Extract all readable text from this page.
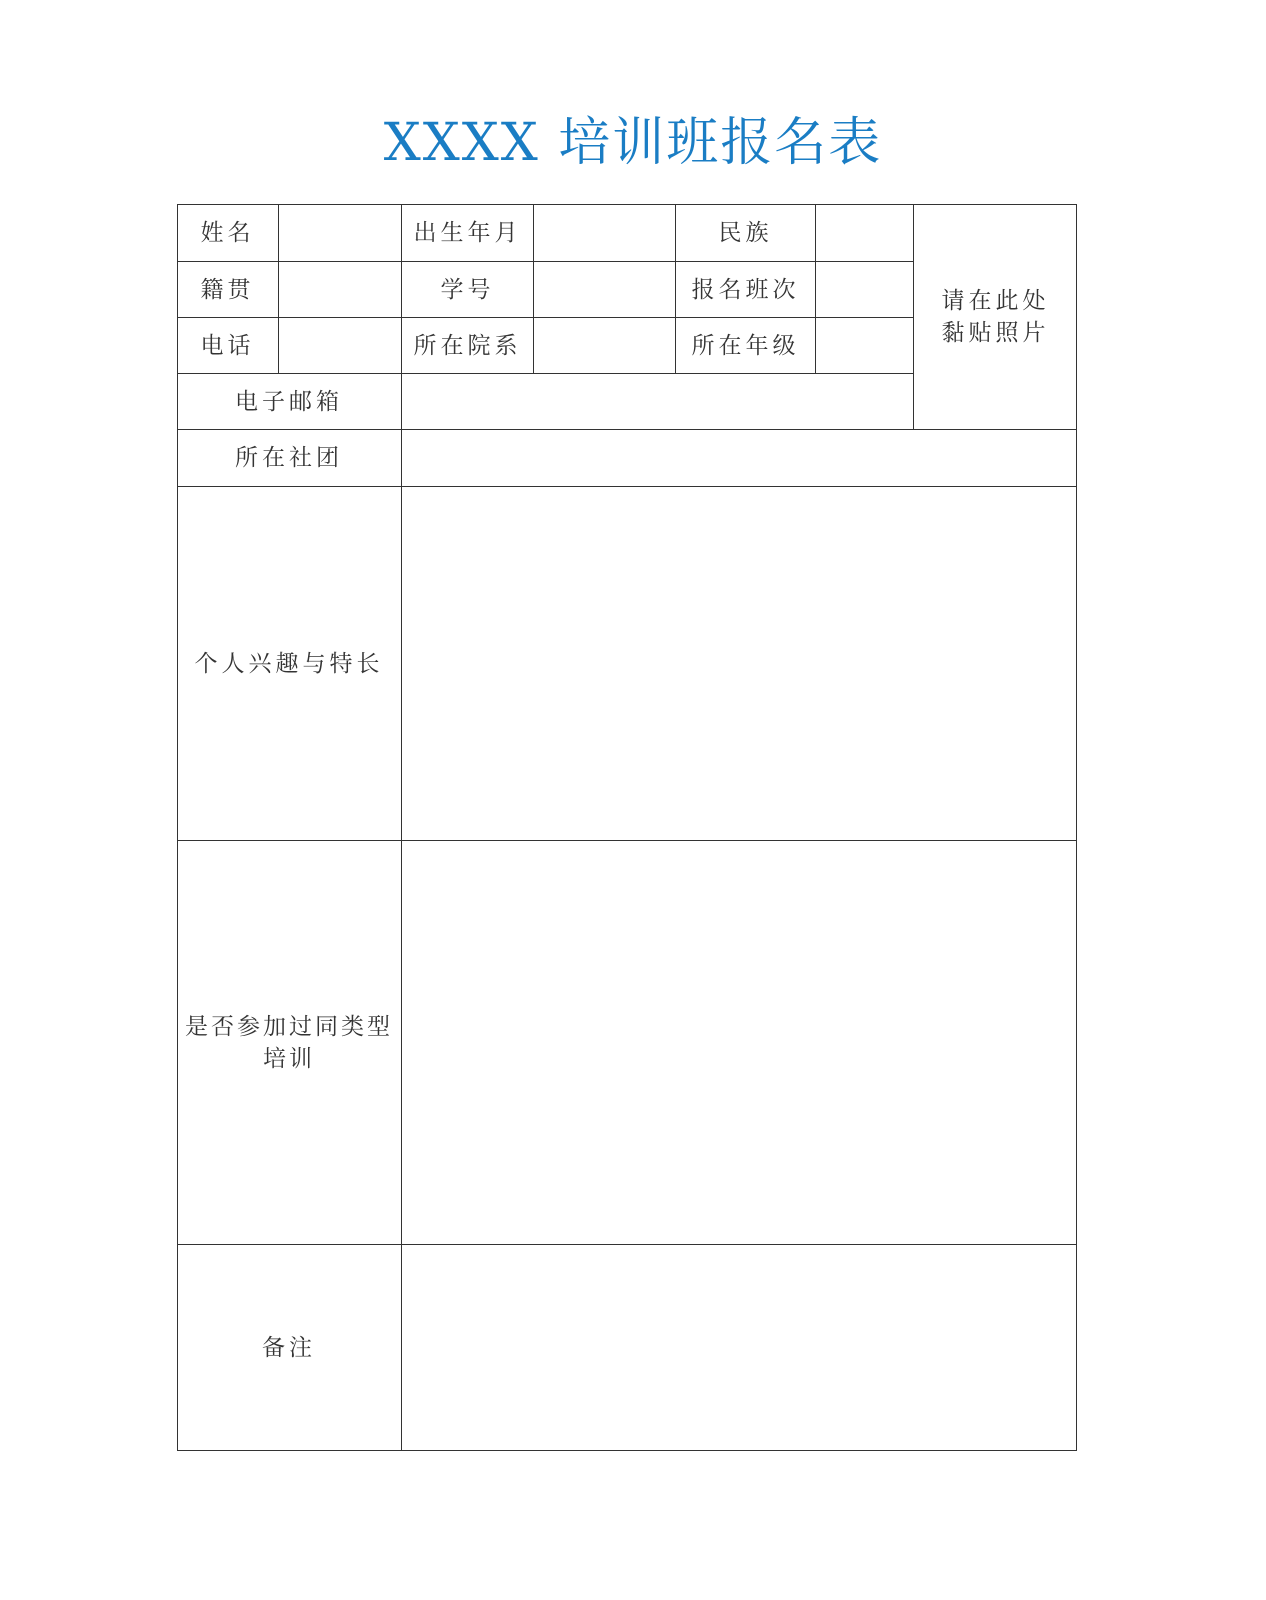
XXXX 培训班报名表
姓名	出生年月	民族
籍贯	学号	报名班次
电话	所在院系	所在年级
请在此处
黏贴照片
电子邮箱
所在社团
个人兴趣与特长
是否参加过同类型
培训
备注
